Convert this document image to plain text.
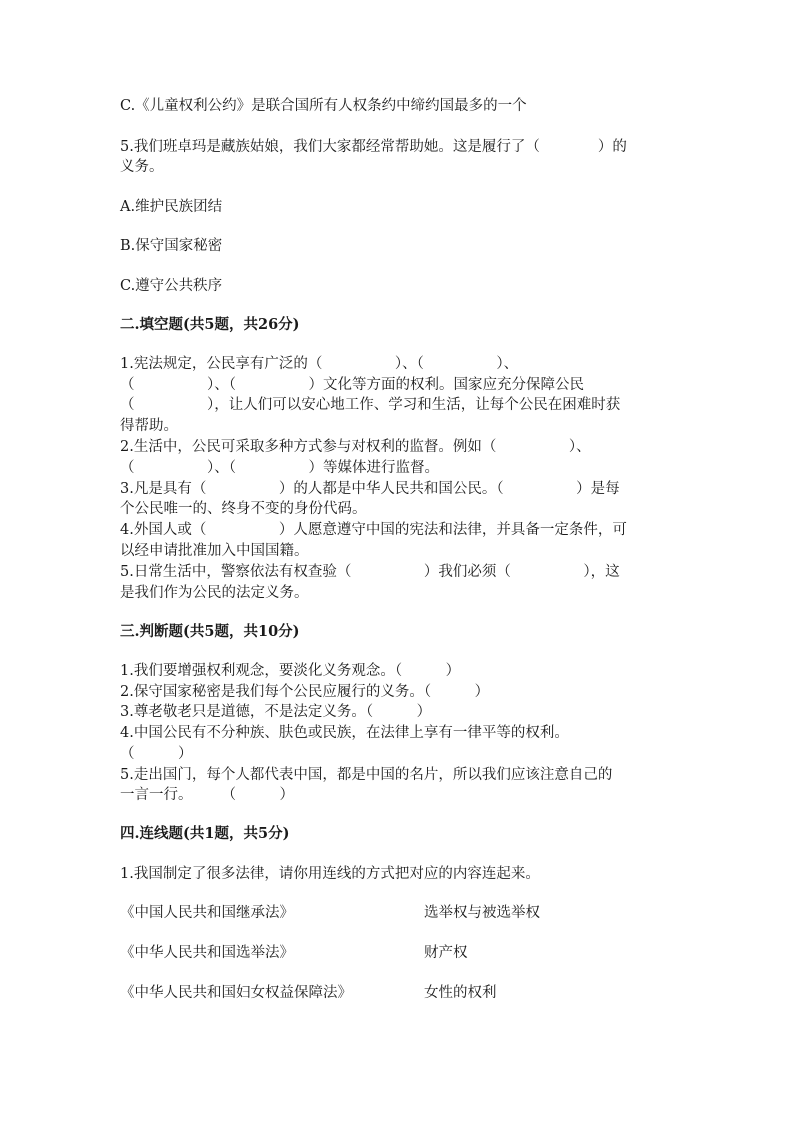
C.《儿童权利公约》是联合国所有人权条约中缔约国最多的一个
5.我们班卓玛是藏族姑娘，我们大家都经常帮助她。这是履行了（　　　　）的
义务。
A.维护民族团结
B.保守国家秘密
C.遵守公共秩序
二.填空题(共5题，共26分)
1.宪法规定，公民享有广泛的（　　　　　）、（　　　　　）、
（　　　　　）、（　　　　　）文化等方面的权利。国家应充分保障公民
（　　　　　），让人们可以安心地工作、学习和生活，让每个公民在困难时获
得帮助。
2.生活中，公民可采取多种方式参与对权利的监督。例如（　　　　　）、
（　　　　　）、（　　　　　）等媒体进行监督。
3.凡是具有（　　　　　）的人都是中华人民共和国公民。（　　　　　）是每
个公民唯一的、终身不变的身份代码。
4.外国人或（　　　　　）人愿意遵守中国的宪法和法律，并具备一定条件，可
以经申请批准加入中国国籍。
5.日常生活中，警察依法有权查验（　　　　　）我们必须（　　　　　），这
是我们作为公民的法定义务。
三.判断题(共5题，共10分)
1.我们要增强权利观念，要淡化义务观念。（　　　）
2.保守国家秘密是我们每个公民应履行的义务。（　　　）
3.尊老敬老只是道德，不是法定义务。（　　　）
4.中国公民有不分种族、肤色或民族，在法律上享有一律平等的权利。
（　　　）
5.走出国门，每个人都代表中国，都是中国的名片，所以我们应该注意自己的
一言一行。　　　（　　　）
四.连线题(共1题，共5分)
1.我国制定了很多法律，请你用连线的方式把对应的内容连起来。
《中国人民共和国继承法》	选举权与被选举权
《中华人民共和国选举法》	财产权
《中华人民共和国妇女权益保障法》	女性的权利
